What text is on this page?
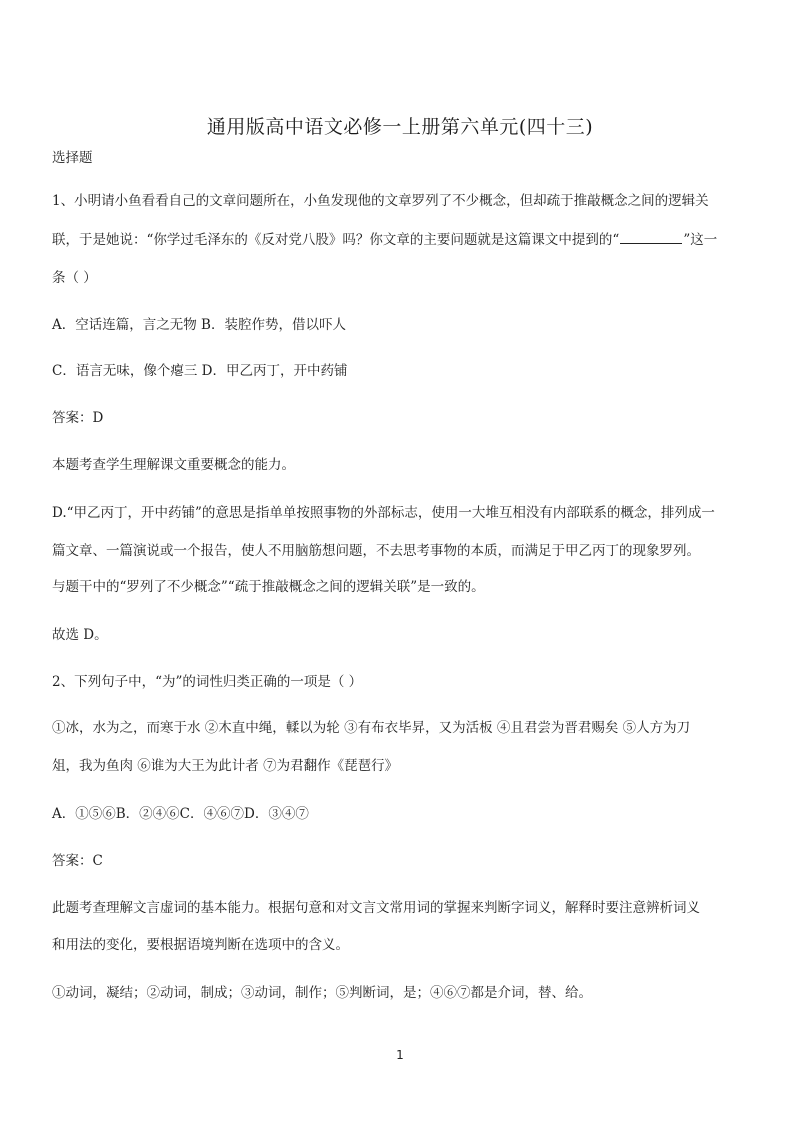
通用版高中语文必修一上册第六单元(四十三)
选择题
1、小明请小鱼看看自己的文章问题所在，小鱼发现他的文章罗列了不少概念，但却疏于推敲概念之间的逻辑关
联，于是她说：“你学过毛泽东的《反对党八股》吗？你文章的主要问题就是这篇课文中提到的“	”这一
条（ ）
A．空话连篇，言之无物 B．装腔作势，借以吓人
C．语言无味，像个瘪三 D．甲乙丙丁，开中药铺
答案：D
本题考查学生理解课文重要概念的能力。
D.“甲乙丙丁，开中药铺”的意思是指单单按照事物的外部标志，使用一大堆互相没有内部联系的概念，排列成一
篇文章、一篇演说或一个报告，使人不用脑筋想问题，不去思考事物的本质，而满足于甲乙丙丁的现象罗列。
与题干中的“罗列了不少概念”“疏于推敲概念之间的逻辑关联”是一致的。
故选 D。
2、下列句子中，“为”的词性归类正确的一项是（ ）
①冰，水为之，而寒于水 ②木直中绳，輮以为轮 ③有布衣毕昇，又为活板 ④且君尝为晋君赐矣 ⑤人方为刀
俎，我为鱼肉 ⑥谁为大王为此计者 ⑦为君翻作《琵琶行》
A．①⑤⑥B．②④⑥C．④⑥⑦D．③④⑦
答案：C
此题考查理解文言虚词的基本能力。根据句意和对文言文常用词的掌握来判断字词义，解释时要注意辨析词义
和用法的变化，要根据语境判断在选项中的含义。
①动词，凝结；②动词，制成；③动词，制作；⑤判断词，是；④⑥⑦都是介词，替、给。
1
